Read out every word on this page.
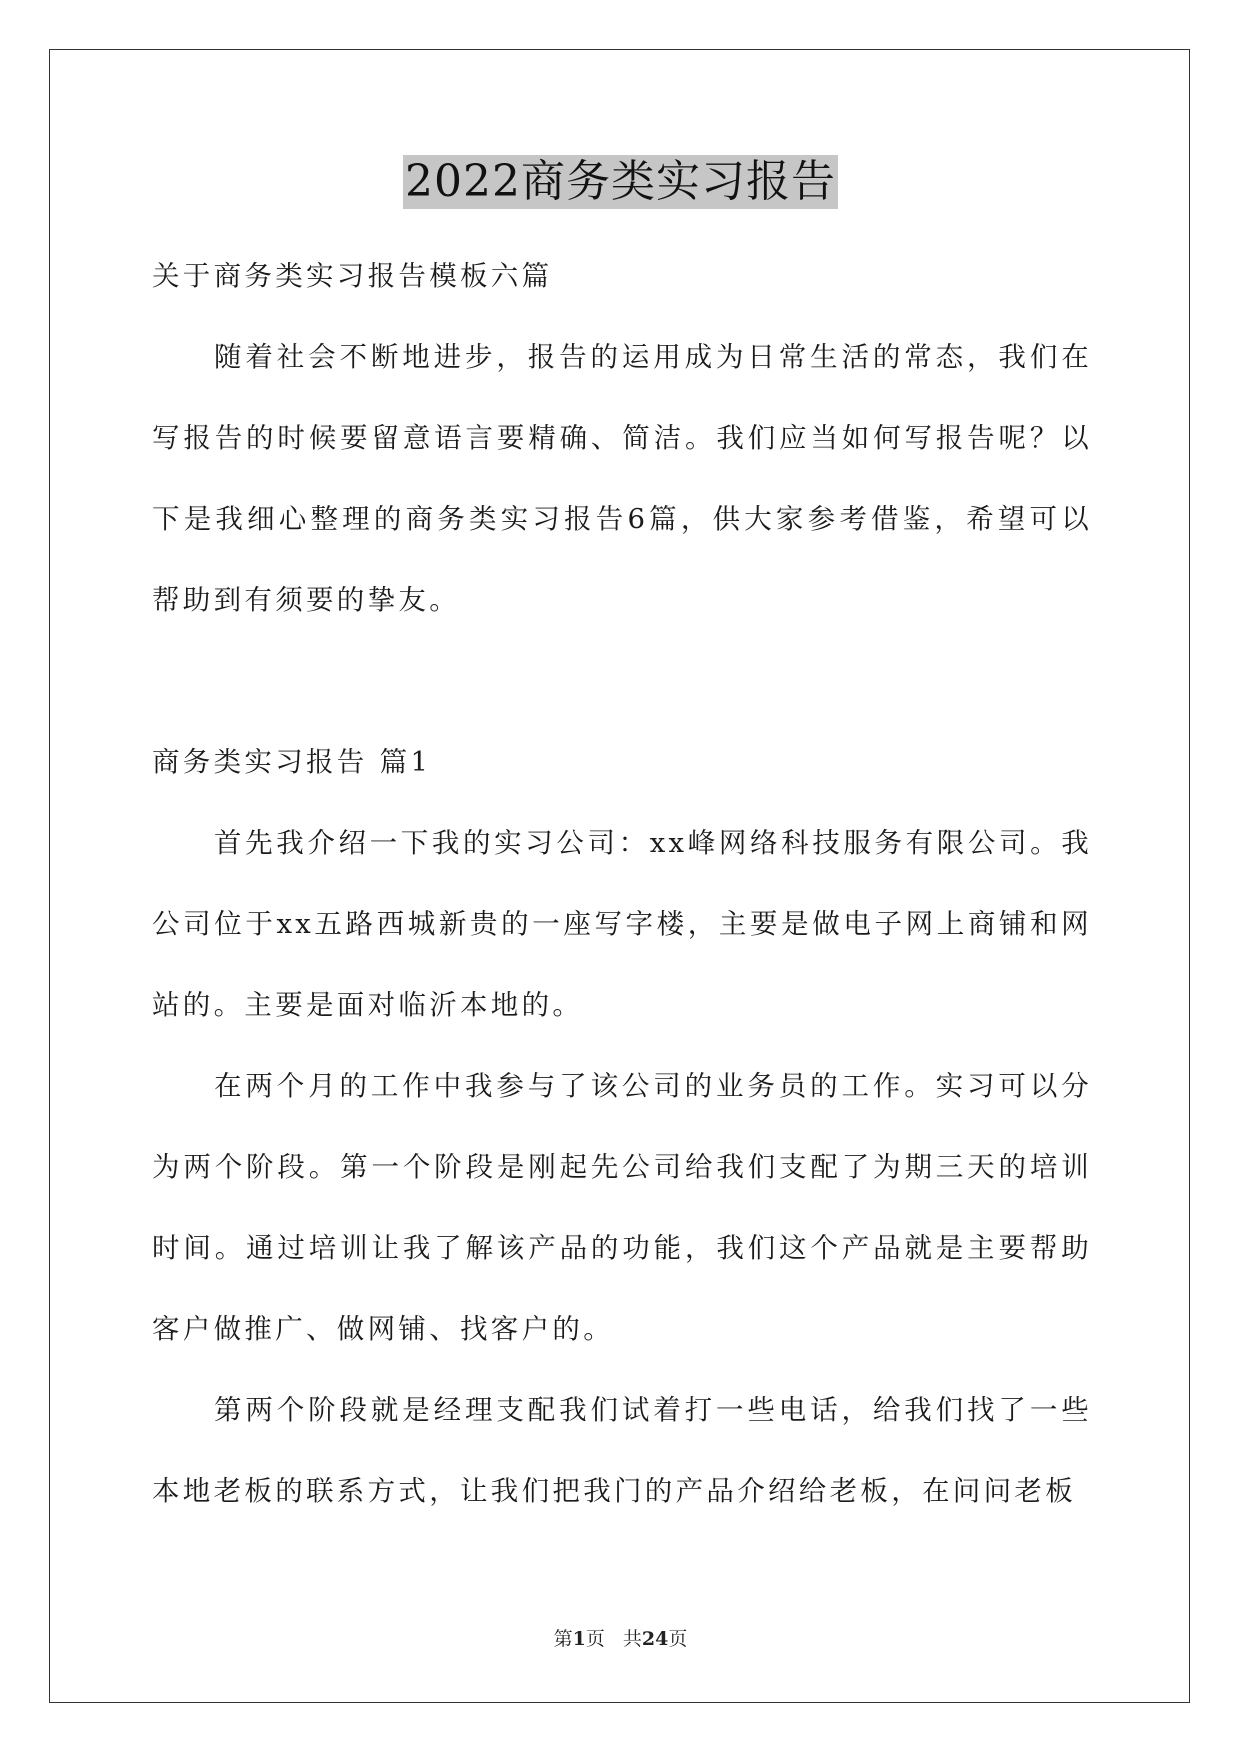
2022商务类实习报告

关于商务类实习报告模板六篇

随着社会不断地进步，报告的运用成为日常生活的常态，我们在写报告的时候要留意语言要精确、简洁。我们应当如何写报告呢？以下是我细心整理的商务类实习报告6篇，供大家参考借鉴，希望可以帮助到有须要的挚友。

商务类实习报告 篇1

首先我介绍一下我的实习公司：xx峰网络科技服务有限公司。我公司位于xx五路西城新贵的一座写字楼，主要是做电子网上商铺和网站的。主要是面对临沂本地的。

在两个月的工作中我参与了该公司的业务员的工作。实习可以分为两个阶段。第一个阶段是刚起先公司给我们支配了为期三天的培训时间。通过培训让我了解该产品的功能，我们这个产品就是主要帮助客户做推广、做网铺、找客户的。

第两个阶段就是经理支配我们试着打一些电话，给我们找了一些本地老板的联系方式，让我们把我门的产品介绍给老板，在问问老板

第1页 共24页
